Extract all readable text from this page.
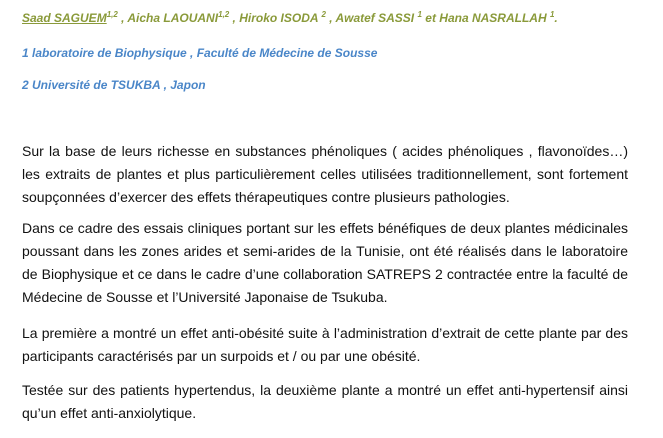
Saad SAGUEM$^{1,2}$ , Aicha LAOUANI$^{1,2}$ , Hiroko ISODA $^2$ , Awatef SASSI $^1$ et Hana NASRALLAH $^1$.
1 laboratoire de Biophysique , Faculté de Médecine de Sousse
2 Université de TSUKBA , Japon

Sur la base de leurs richesse en substances phénoliques ( acides phénoliques , flavonoïdes…) les extraits de plantes et plus particulièrement celles utilisées traditionnellement, sont fortement soupçonnées d’exercer des effets thérapeutiques contre plusieurs pathologies.

Dans ce cadre des essais cliniques portant sur les effets bénéfiques de deux plantes médicinales poussant dans les zones arides et semi-arides de la Tunisie, ont été réalisés dans le laboratoire de Biophysique et ce dans le cadre d’une collaboration SATREPS 2 contractée entre la faculté de Médecine de Sousse et l’Université Japonaise de Tsukuba.

La première a montré un effet anti-obésité suite à l’administration d’extrait de cette plante par des participants caractérisés par un surpoids et / ou par une obésité.

Testée sur des patients hypertendus, la deuxième plante a montré un effet anti-hypertensif ainsi qu’un effet anti-anxiolytique.
